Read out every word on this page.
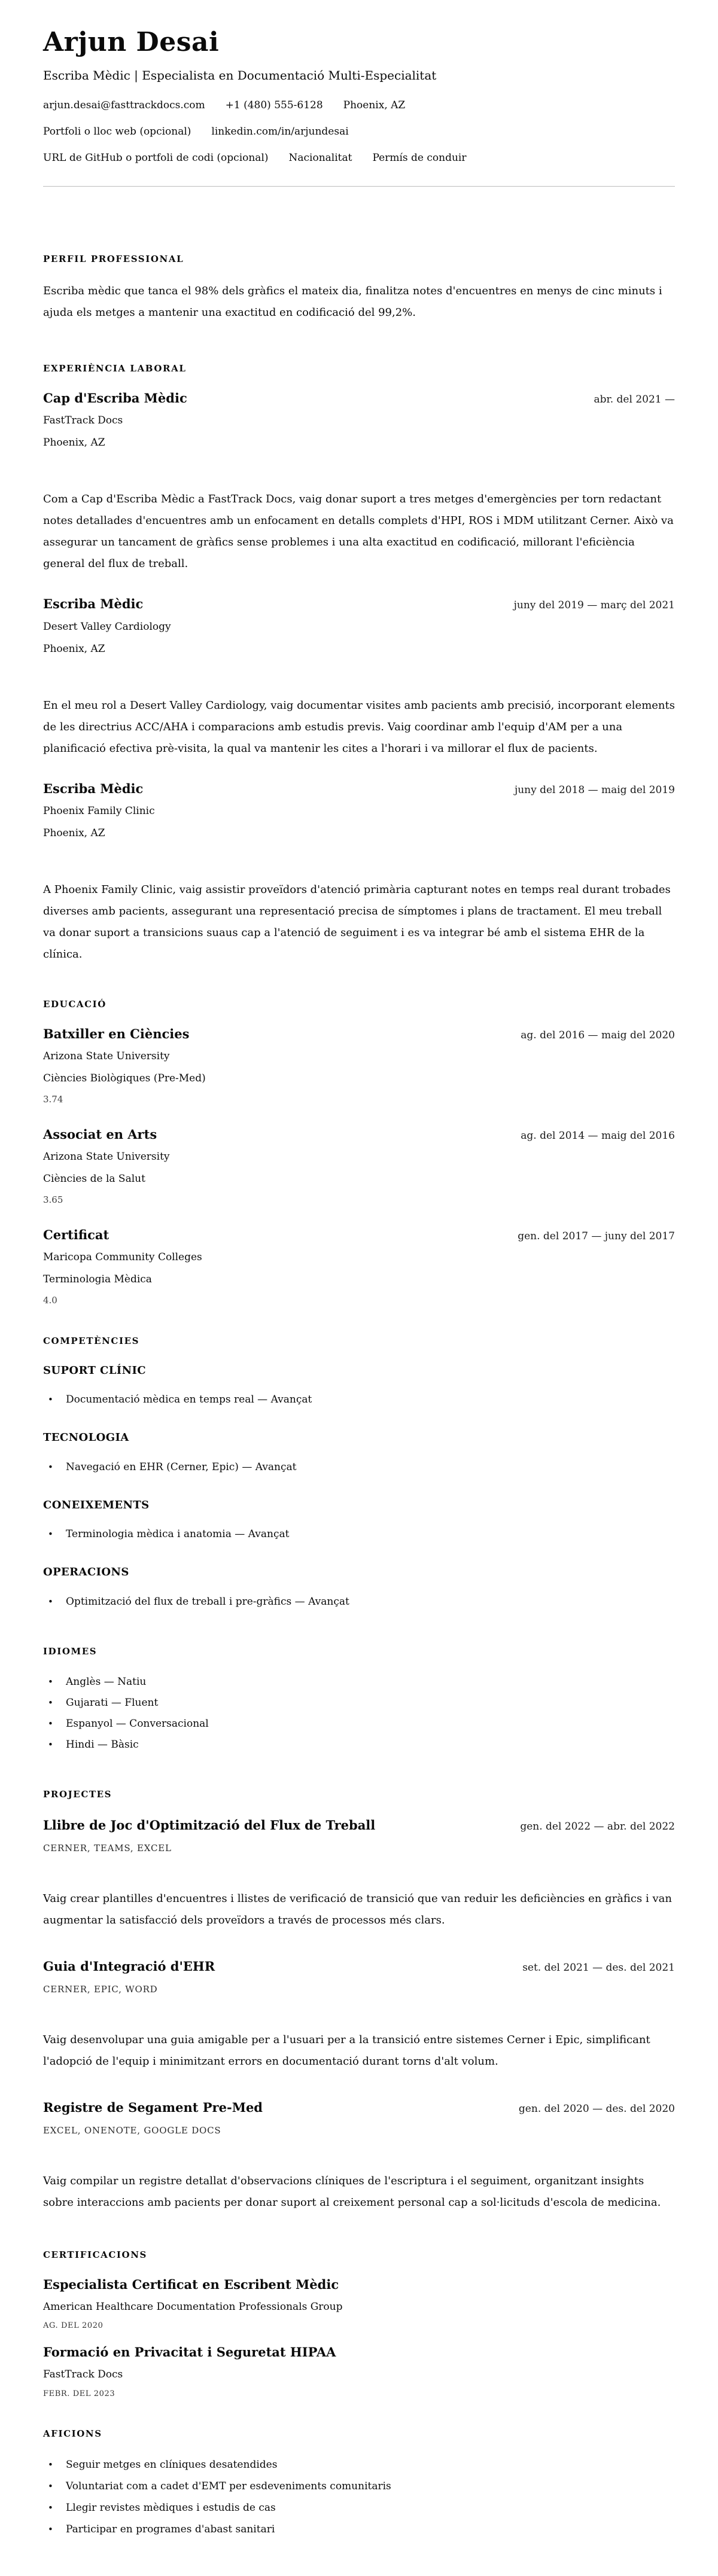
Arjun Desai
Escriba Mèdic | Especialista en Documentació Multi-Especialitat
arjun.desai@fasttrackdocs.com +1 (480) 555-6128 Phoenix, AZ
Portfoli o lloc web (opcional) linkedin.com/in/arjundesai
URL de GitHub o portfoli de codi (opcional) Nacionalitat Permís de conduir
PERFIL PROFESSIONAL

Escriba mèdic que tanca el 98% dels gràfics el mateix dia, finalitza notes d'encuentres en menys de cinc minuts i ajuda els metges a mantenir una exactitud en codificació del 99,2%.

EXPERIÈNCIA LABORAL
Cap d'Escriba Mèdic	abr. del 2021 —
FastTrack Docs
Phoenix, AZ

Com a Cap d'Escriba Mèdic a FastTrack Docs, vaig donar suport a tres metges d'emergències per torn redactant notes detallades d'encuentres amb un enfocament en detalls complets d'HPI, ROS i MDM utilitzant Cerner. Això va assegurar un tancament de gràfics sense problemes i una alta exactitud en codificació, millorant l'eficiència general del flux de treball.

Escriba Mèdic	juny del 2019 — març del 2021
Desert Valley Cardiology
Phoenix, AZ

En el meu rol a Desert Valley Cardiology, vaig documentar visites amb pacients amb precisió, incorporant elements de les directrius ACC/AHA i comparacions amb estudis previs. Vaig coordinar amb l'equip d'AM per a una planificació efectiva prè-visita, la qual va mantenir les cites a l'horari i va millorar el flux de pacients.

Escriba Mèdic	juny del 2018 — maig del 2019
Phoenix Family Clinic
Phoenix, AZ

A Phoenix Family Clinic, vaig assistir proveïdors d'atenció primària capturant notes en temps real durant trobades diverses amb pacients, assegurant una representació precisa de símptomes i plans de tractament. El meu treball va donar suport a transicions suaus cap a l'atenció de seguiment i es va integrar bé amb el sistema EHR de la clínica.

EDUCACIÓ
Batxiller en Ciències	ag. del 2016 — maig del 2020
Arizona State University
Ciències Biològiques (Pre-Med)
3.74
Associat en Arts	ag. del 2014 — maig del 2016
Arizona State University
Ciències de la Salut
3.65
Certificat	gen. del 2017 — juny del 2017
Maricopa Community Colleges
Terminologia Mèdica
4.0
COMPETÈNCIES
SUPORT CLÍNIC
• Documentació mèdica en temps real — Avançat
TECNOLOGIA
• Navegació en EHR (Cerner, Epic) — Avançat
CONEIXEMENTS
• Terminologia mèdica i anatomia — Avançat
OPERACIONS
• Optimització del flux de treball i pre-gràfics — Avançat
IDIOMES
• Anglès — Natiu
• Gujarati — Fluent
• Espanyol — Conversacional
• Hindi — Bàsic
PROJECTES
Llibre de Joc d'Optimització del Flux de Treball	gen. del 2022 — abr. del 2022
CERNER, TEAMS, EXCEL

Vaig crear plantilles d'encuentres i llistes de verificació de transició que van reduir les deficiències en gràfics i van augmentar la satisfacció dels proveïdors a través de processos més clars.

Guia d'Integració d'EHR	set. del 2021 — des. del 2021
CERNER, EPIC, WORD

Vaig desenvolupar una guia amigable per a l'usuari per a la transició entre sistemes Cerner i Epic, simplificant l'adopció de l'equip i minimitzant errors en documentació durant torns d'alt volum.

Registre de Segament Pre-Med	gen. del 2020 — des. del 2020
EXCEL, ONENOTE, GOOGLE DOCS

Vaig compilar un registre detallat d'observacions clíniques de l'escriptura i el seguiment, organitzant insights sobre interaccions amb pacients per donar suport al creixement personal cap a sol·licituds d'escola de medicina.

CERTIFICACIONS
Especialista Certificat en Escribent Mèdic
American Healthcare Documentation Professionals Group
AG. DEL 2020
Formació en Privacitat i Seguretat HIPAA
FastTrack Docs
FEBR. DEL 2023
AFICIONS
• Seguir metges en clíniques desatendides
• Voluntariat com a cadet d'EMT per esdeveniments comunitaris
• Llegir revistes mèdiques i estudis de cas
• Participar en programes d'abast sanitari
